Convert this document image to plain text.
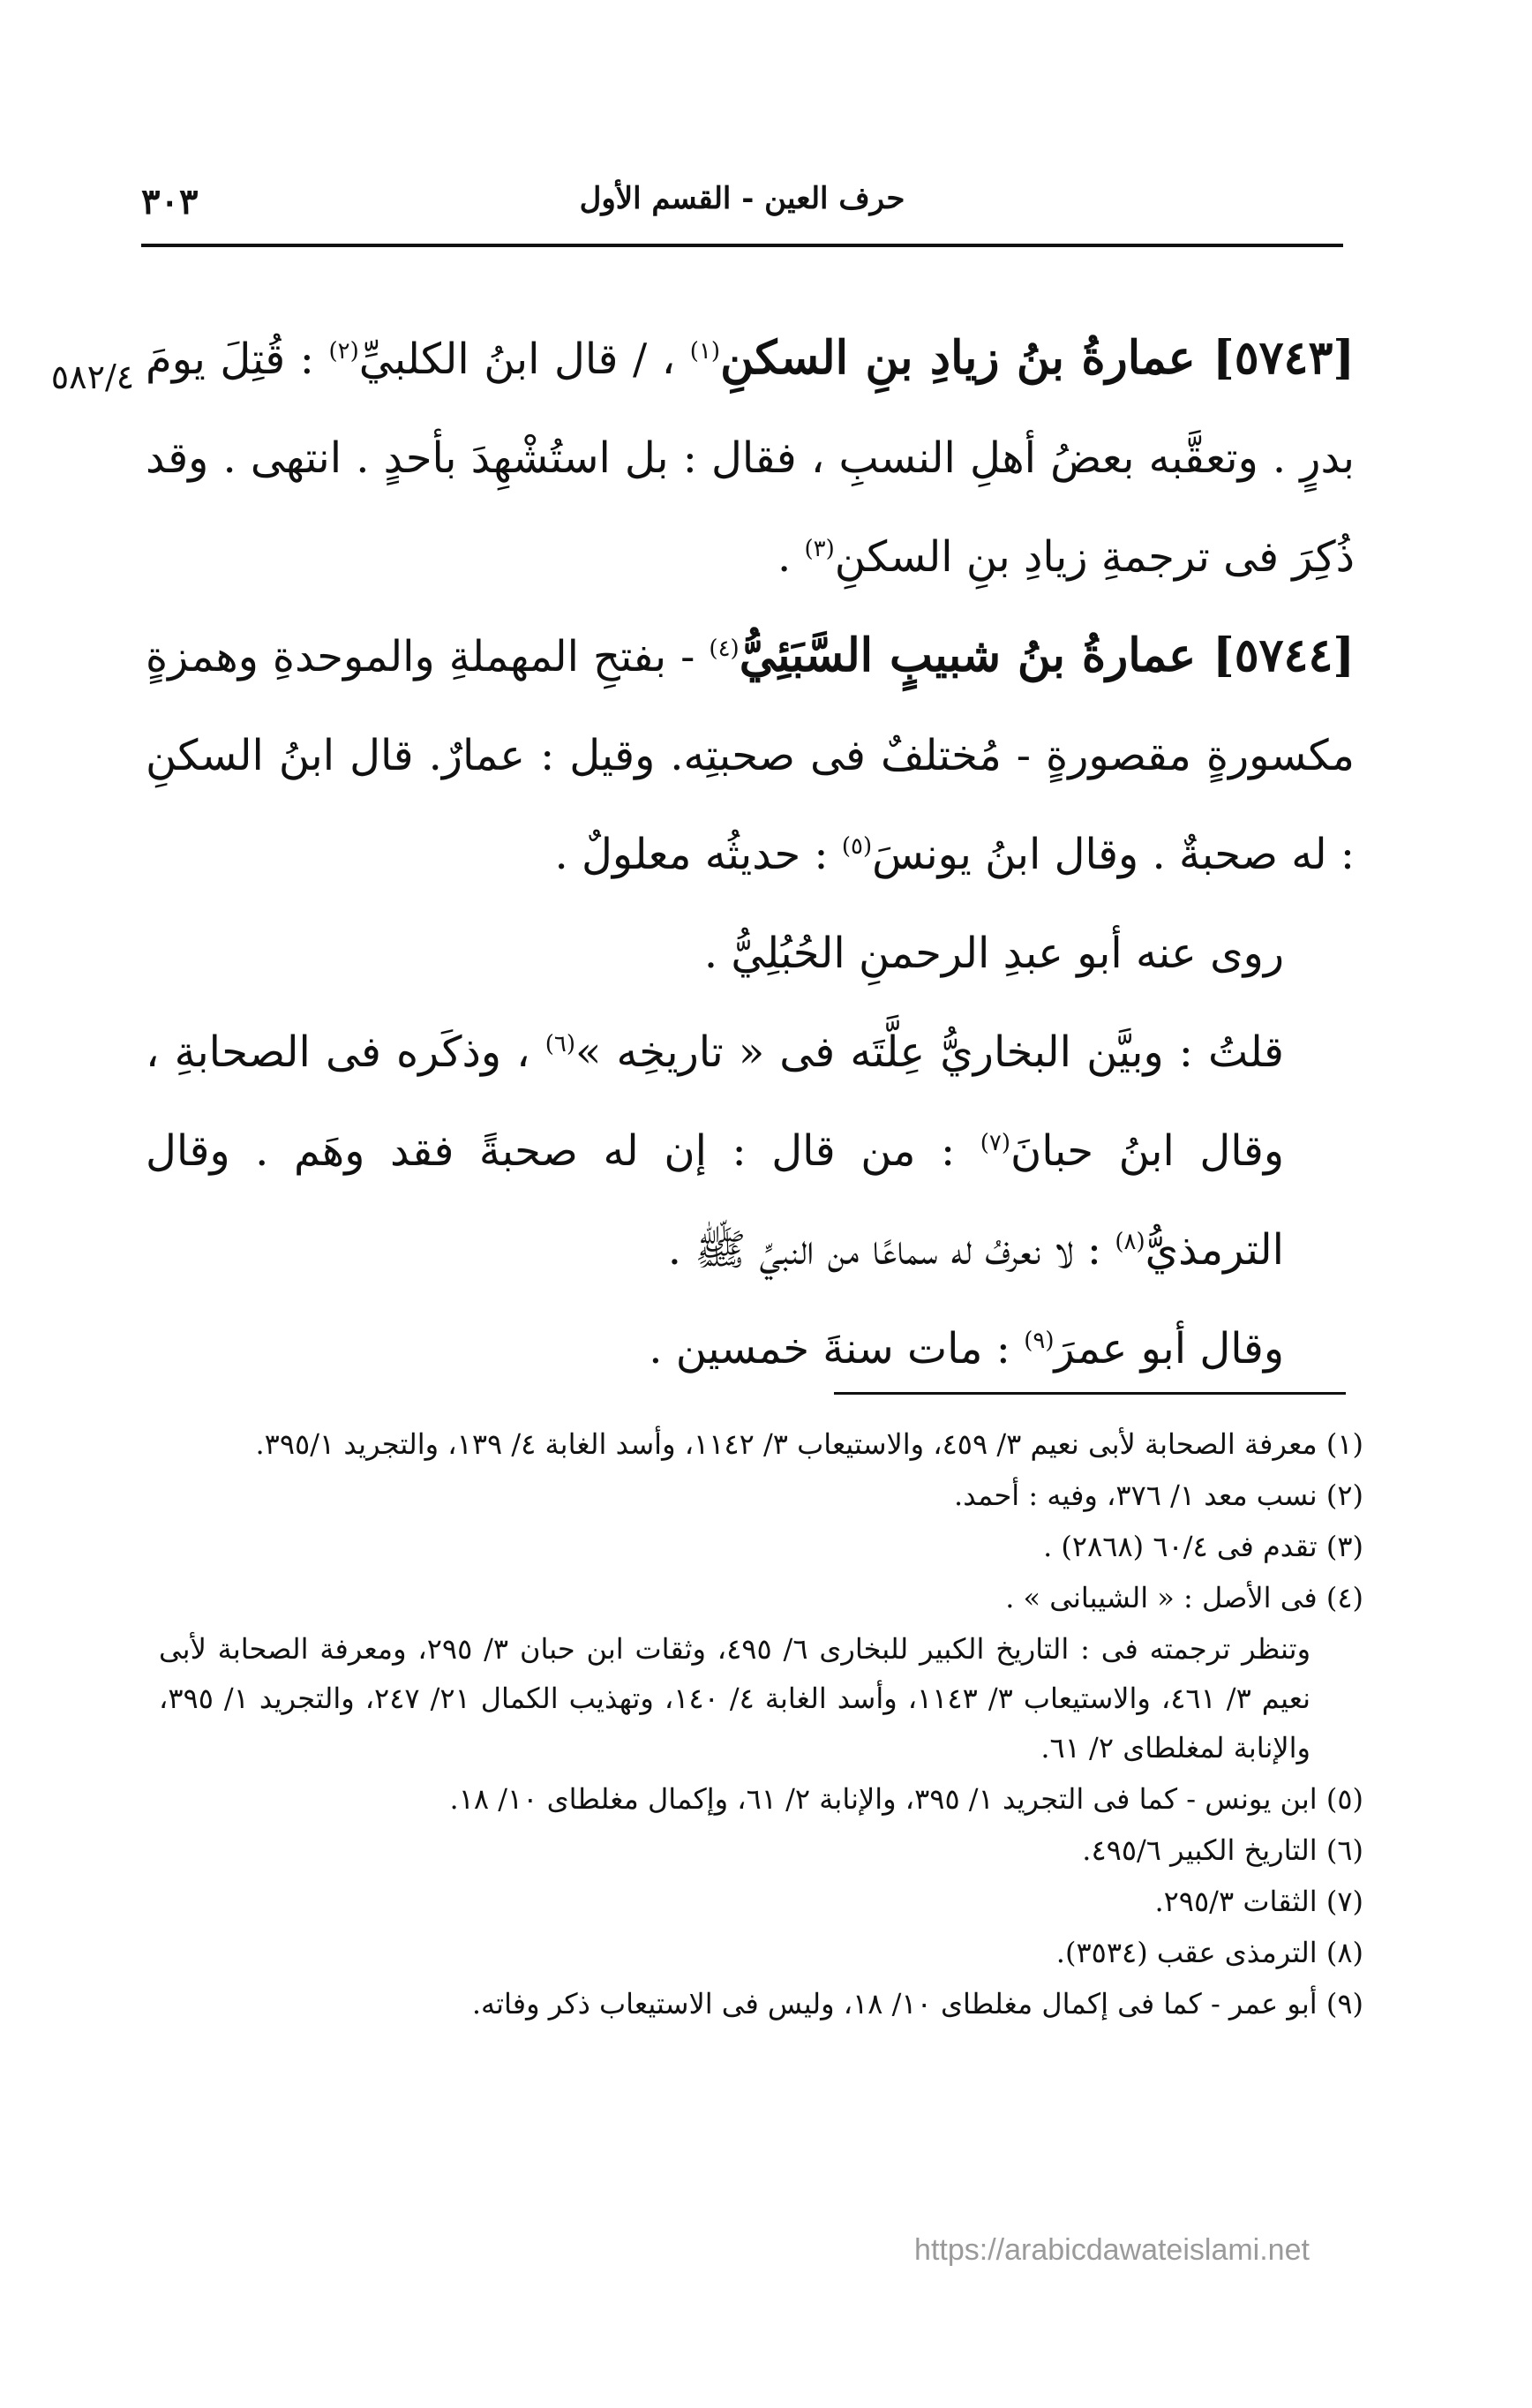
حرف العين - القسم الأول
٣٠٣
٥٨٢/٤	[٥٧٤٣] عمارةُ بنُ زيادِ بنِ السكنِ$^{(١)}$ ، / قال ابنُ الكلبيِّ$^{(٢)}$ : قُتِلَ يومَ بدرٍ . وتعقَّبه بعضُ أهلِ النسبِ ، فقال : بل استُشْهِدَ بأحدٍ . انتهى . وقد ذُكِرَ فى ترجمةِ زيادِ بنِ السكنِ$^{(٣)}$ .

[٥٧٤٤] عمارةُ بنُ شبيبٍ السَّبَئِيُّ$^{(٤)}$ - بفتحِ المهملةِ والموحدةِ وهمزةٍ مكسورةٍ مقصورةٍ - مُختلفٌ فى صحبتِه. وقيل : عمارٌ. قال ابنُ السكنِ : له صحبةٌ . وقال ابنُ يونسَ$^{(٥)}$ : حديثُه معلولٌ .

روى عنه أبو عبدِ الرحمنِ الحُبُلِيُّ .

قلتُ : وبيَّن البخاريُّ عِلَّتَه فى « تاريخِه »$^{(٦)}$ ، وذكَره فى الصحابةِ ، وقال ابنُ حبانَ$^{(٧)}$ : من قال : إن له صحبةً فقد وهَم . وقال الترمذيُّ$^{(٨)}$ : لا نعرفُ له سماعًا من النبيِّ ﷺ .

وقال أبو عمرَ$^{(٩)}$ : مات سنةَ خمسين .

(١) معرفة الصحابة لأبى نعيم ٣/ ٤٥٩، والاستيعاب ٣/ ١١٤٢، وأسد الغابة ٤/ ١٣٩، والتجريد ٣٩٥/١.

(٢) نسب معد ١/ ٣٧٦، وفيه : أحمد.

(٣) تقدم فى ٦٠/٤ (٢٨٦٨) .

(٤) فى الأصل : « الشيبانى » .

وتنظر ترجمته فى : التاريخ الكبير للبخارى ٦/ ٤٩٥، وثقات ابن حبان ٣/ ٢٩٥، ومعرفة الصحابة لأبى نعيم ٣/ ٤٦١، والاستيعاب ٣/ ١١٤٣، وأسد الغابة ٤/ ١٤٠، وتهذيب الكمال ٢١/ ٢٤٧، والتجريد ١/ ٣٩٥، والإنابة لمغلطاى ٢/ ٦١.

(٥) ابن يونس - كما فى التجريد ١/ ٣٩٥، والإنابة ٢/ ٦١، وإكمال مغلطاى ١٠/ ١٨.

(٦) التاريخ الكبير ٤٩٥/٦.

(٧) الثقات ٢٩٥/٣.

(٨) الترمذى عقب (٣٥٣٤).

(٩) أبو عمر - كما فى إكمال مغلطاى ١٠/ ١٨، وليس فى الاستيعاب ذكر وفاته.

https://arabicdawateislami.net
